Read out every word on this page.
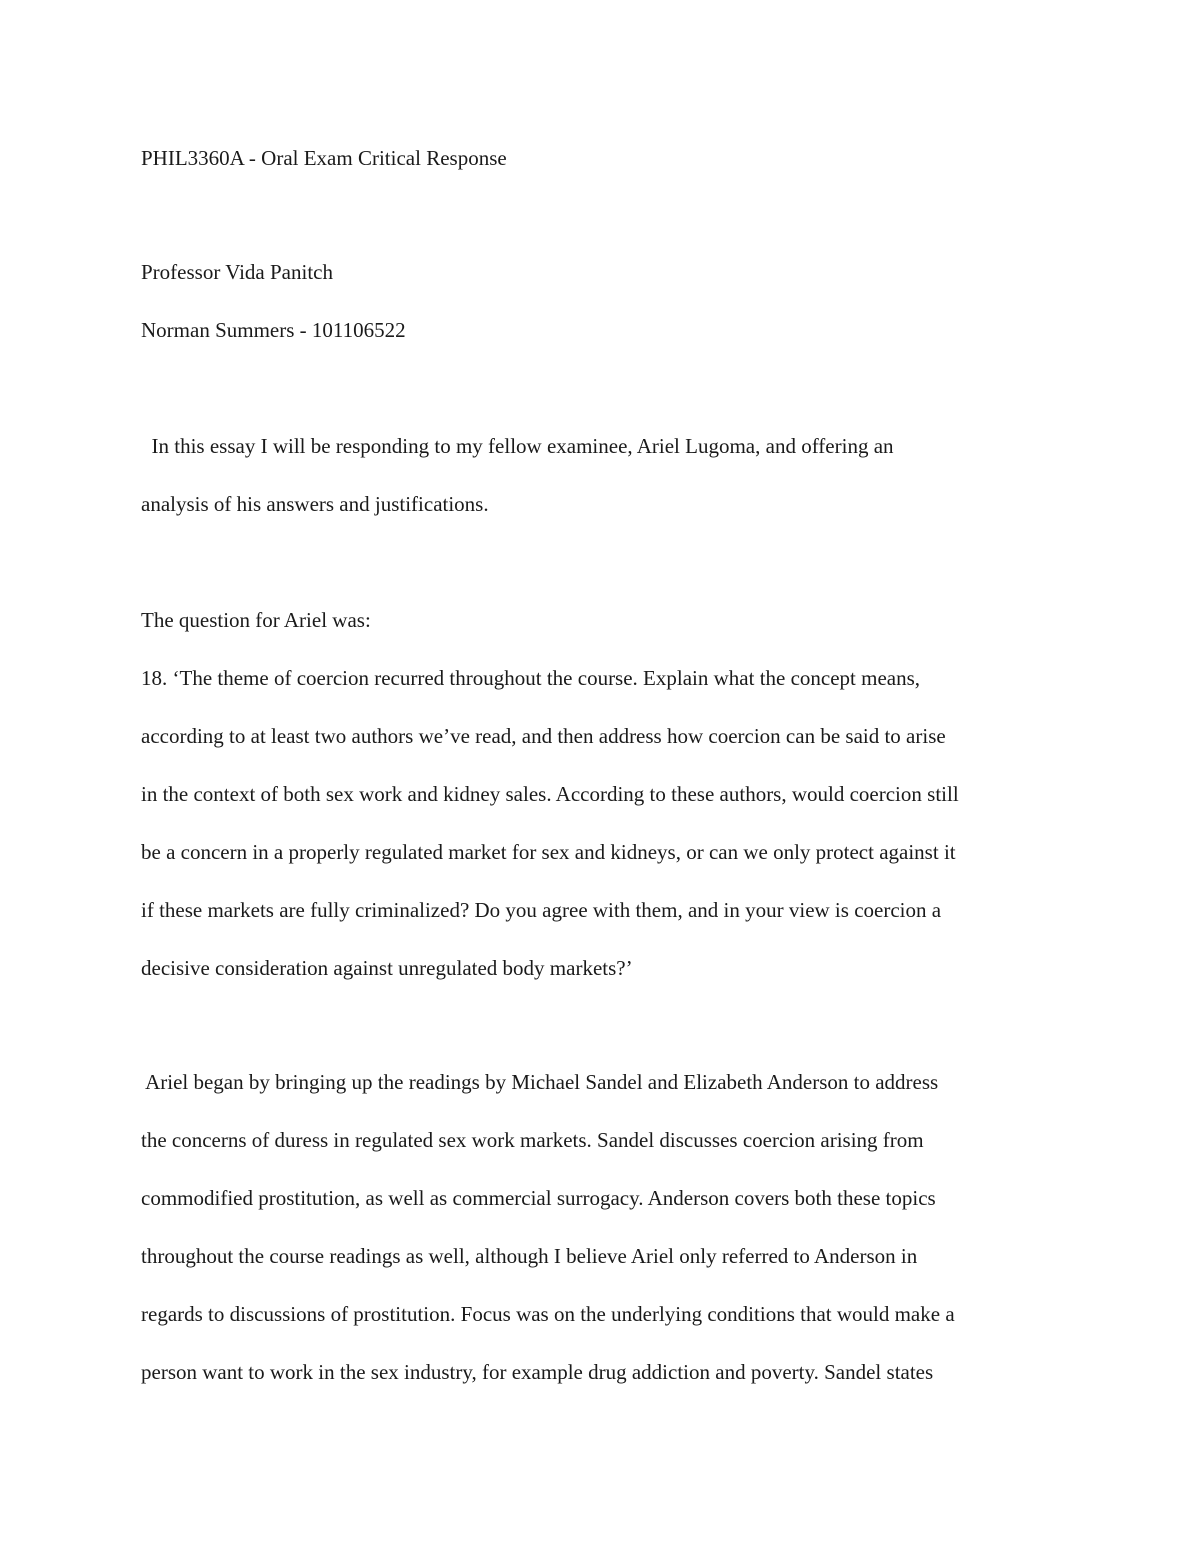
PHIL3360A - Oral Exam Critical Response
Professor Vida Panitch
Norman Summers - 101106522
In this essay I will be responding to my fellow examinee, Ariel Lugoma, and offering an
analysis of his answers and justifications.
The question for Ariel was:
18. ‘The theme of coercion recurred throughout the course. Explain what the concept means,
according to at least two authors we’ve read, and then address how coercion can be said to arise
in the context of both sex work and kidney sales. According to these authors, would coercion still
be a concern in a properly regulated market for sex and kidneys, or can we only protect against it
if these markets are fully criminalized? Do you agree with them, and in your view is coercion a
decisive consideration against unregulated body markets?’
Ariel began by bringing up the readings by Michael Sandel and Elizabeth Anderson to address
the concerns of duress in regulated sex work markets. Sandel discusses coercion arising from
commodified prostitution, as well as commercial surrogacy. Anderson covers both these topics
throughout the course readings as well, although I believe Ariel only referred to Anderson in
regards to discussions of prostitution. Focus was on the underlying conditions that would make a
person want to work in the sex industry, for example drug addiction and poverty. Sandel states
